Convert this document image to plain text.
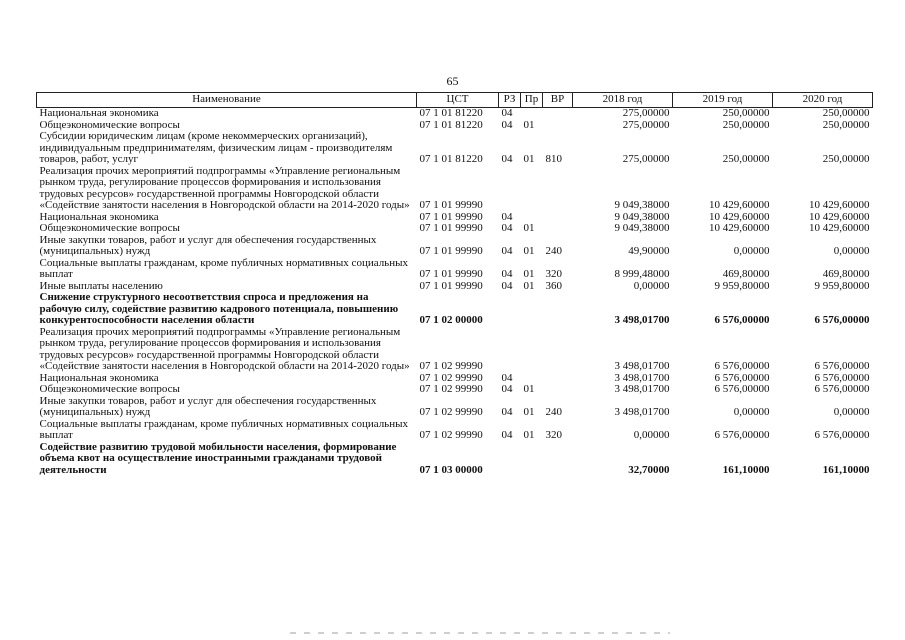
65
Наименование	ЦСТ	РЗ	Пр	ВР	2018 год	2019 год	2020 год
Национальная экономика	07 1 01 81220	04			275,00000	250,00000	250,00000
Общеэкономические вопросы	07 1 01 81220	04	01		275,00000	250,00000	250,00000
Субсидии юридическим лицам (кроме некоммерческих организаций), индивидуальным предпринимателям, физическим лицам - производителям товаров, работ, услуг	07 1 01 81220	04	01	810	275,00000	250,00000	250,00000
Реализация прочих мероприятий подпрограммы «Управление региональным рынком труда, регулирование процессов формирования и использования трудовых ресурсов» государственной программы Новгородской области «Содействие занятости населения в Новгородской области на 2014-2020 годы»	07 1 01 99990				9 049,38000	10 429,60000	10 429,60000
Национальная экономика	07 1 01 99990	04			9 049,38000	10 429,60000	10 429,60000
Общеэкономические вопросы	07 1 01 99990	04	01		9 049,38000	10 429,60000	10 429,60000
Иные закупки товаров, работ и услуг для обеспечения государственных (муниципальных) нужд	07 1 01 99990	04	01	240	49,90000	0,00000	0,00000
Социальные выплаты гражданам, кроме публичных нормативных социальных выплат	07 1 01 99990	04	01	320	8 999,48000	469,80000	469,80000
Иные выплаты населению	07 1 01 99990	04	01	360	0,00000	9 959,80000	9 959,80000
Снижение структурного несоответствия спроса и предложения на рабочую силу, содействие развитию кадрового потенциала, повышению конкурентоспособности населения области	07 1 02 00000				3 498,01700	6 576,00000	6 576,00000
Реализация прочих мероприятий подпрограммы «Управление региональным рынком труда, регулирование процессов формирования и использования трудовых ресурсов» государственной программы Новгородской области «Содействие занятости населения в Новгородской области на 2014-2020 годы»	07 1 02 99990				3 498,01700	6 576,00000	6 576,00000
Национальная экономика	07 1 02 99990	04			3 498,01700	6 576,00000	6 576,00000
Общеэкономические вопросы	07 1 02 99990	04	01		3 498,01700	6 576,00000	6 576,00000
Иные закупки товаров, работ и услуг для обеспечения государственных (муниципальных) нужд	07 1 02 99990	04	01	240	3 498,01700	0,00000	0,00000
Социальные выплаты гражданам, кроме публичных нормативных социальных выплат	07 1 02 99990	04	01	320	0,00000	6 576,00000	6 576,00000
Содействие развитию трудовой мобильности населения, формирование объема квот на осуществление иностранными гражданами трудовой деятельности	07 1 03 00000				32,70000	161,10000	161,10000
